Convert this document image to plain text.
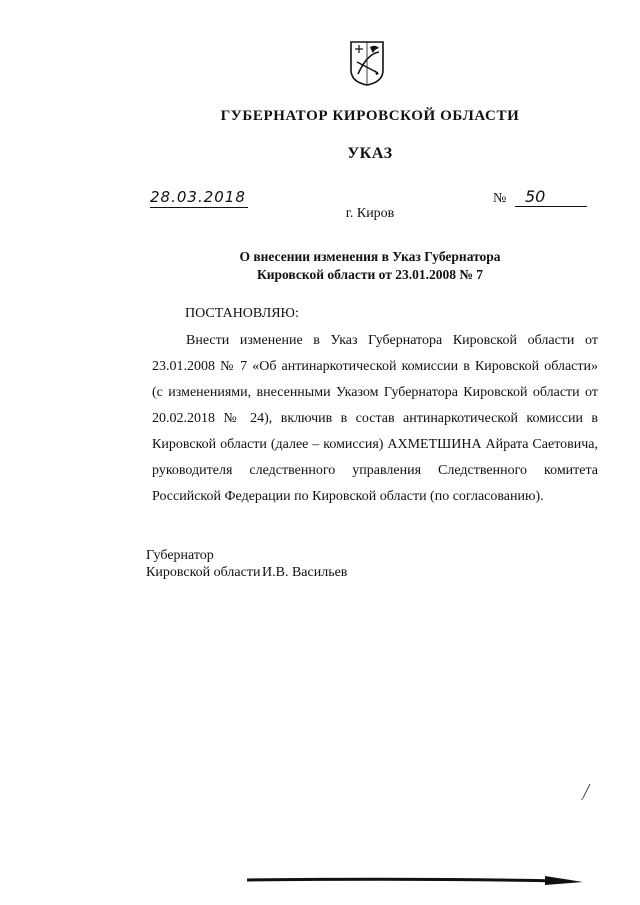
ГУБЕРНАТОР КИРОВСКОЙ ОБЛАСТИ
УКАЗ
28.03.2018	№	50
г. Киров
О внесении изменения в Указ Губернатора
Кировской области от 23.01.2008 № 7
ПОСТАНОВЛЯЮ:

Внести изменение в Указ Губернатора Кировской области от 23.01.2008 № 7 «Об антинаркотической комиссии в Кировской области» (с изменениями, внесенными Указом Губернатора Кировской области от 20.02.2018 № 24), включив в состав антинаркотической комиссии в Кировской области (далее – комиссия) АХМЕТШИНА Айрата Саетовича, руководителя следственного управления Следственного комитета Российской Федерации по Кировской области (по согласованию).

Губернатор
Кировской области И.В. Васильев
